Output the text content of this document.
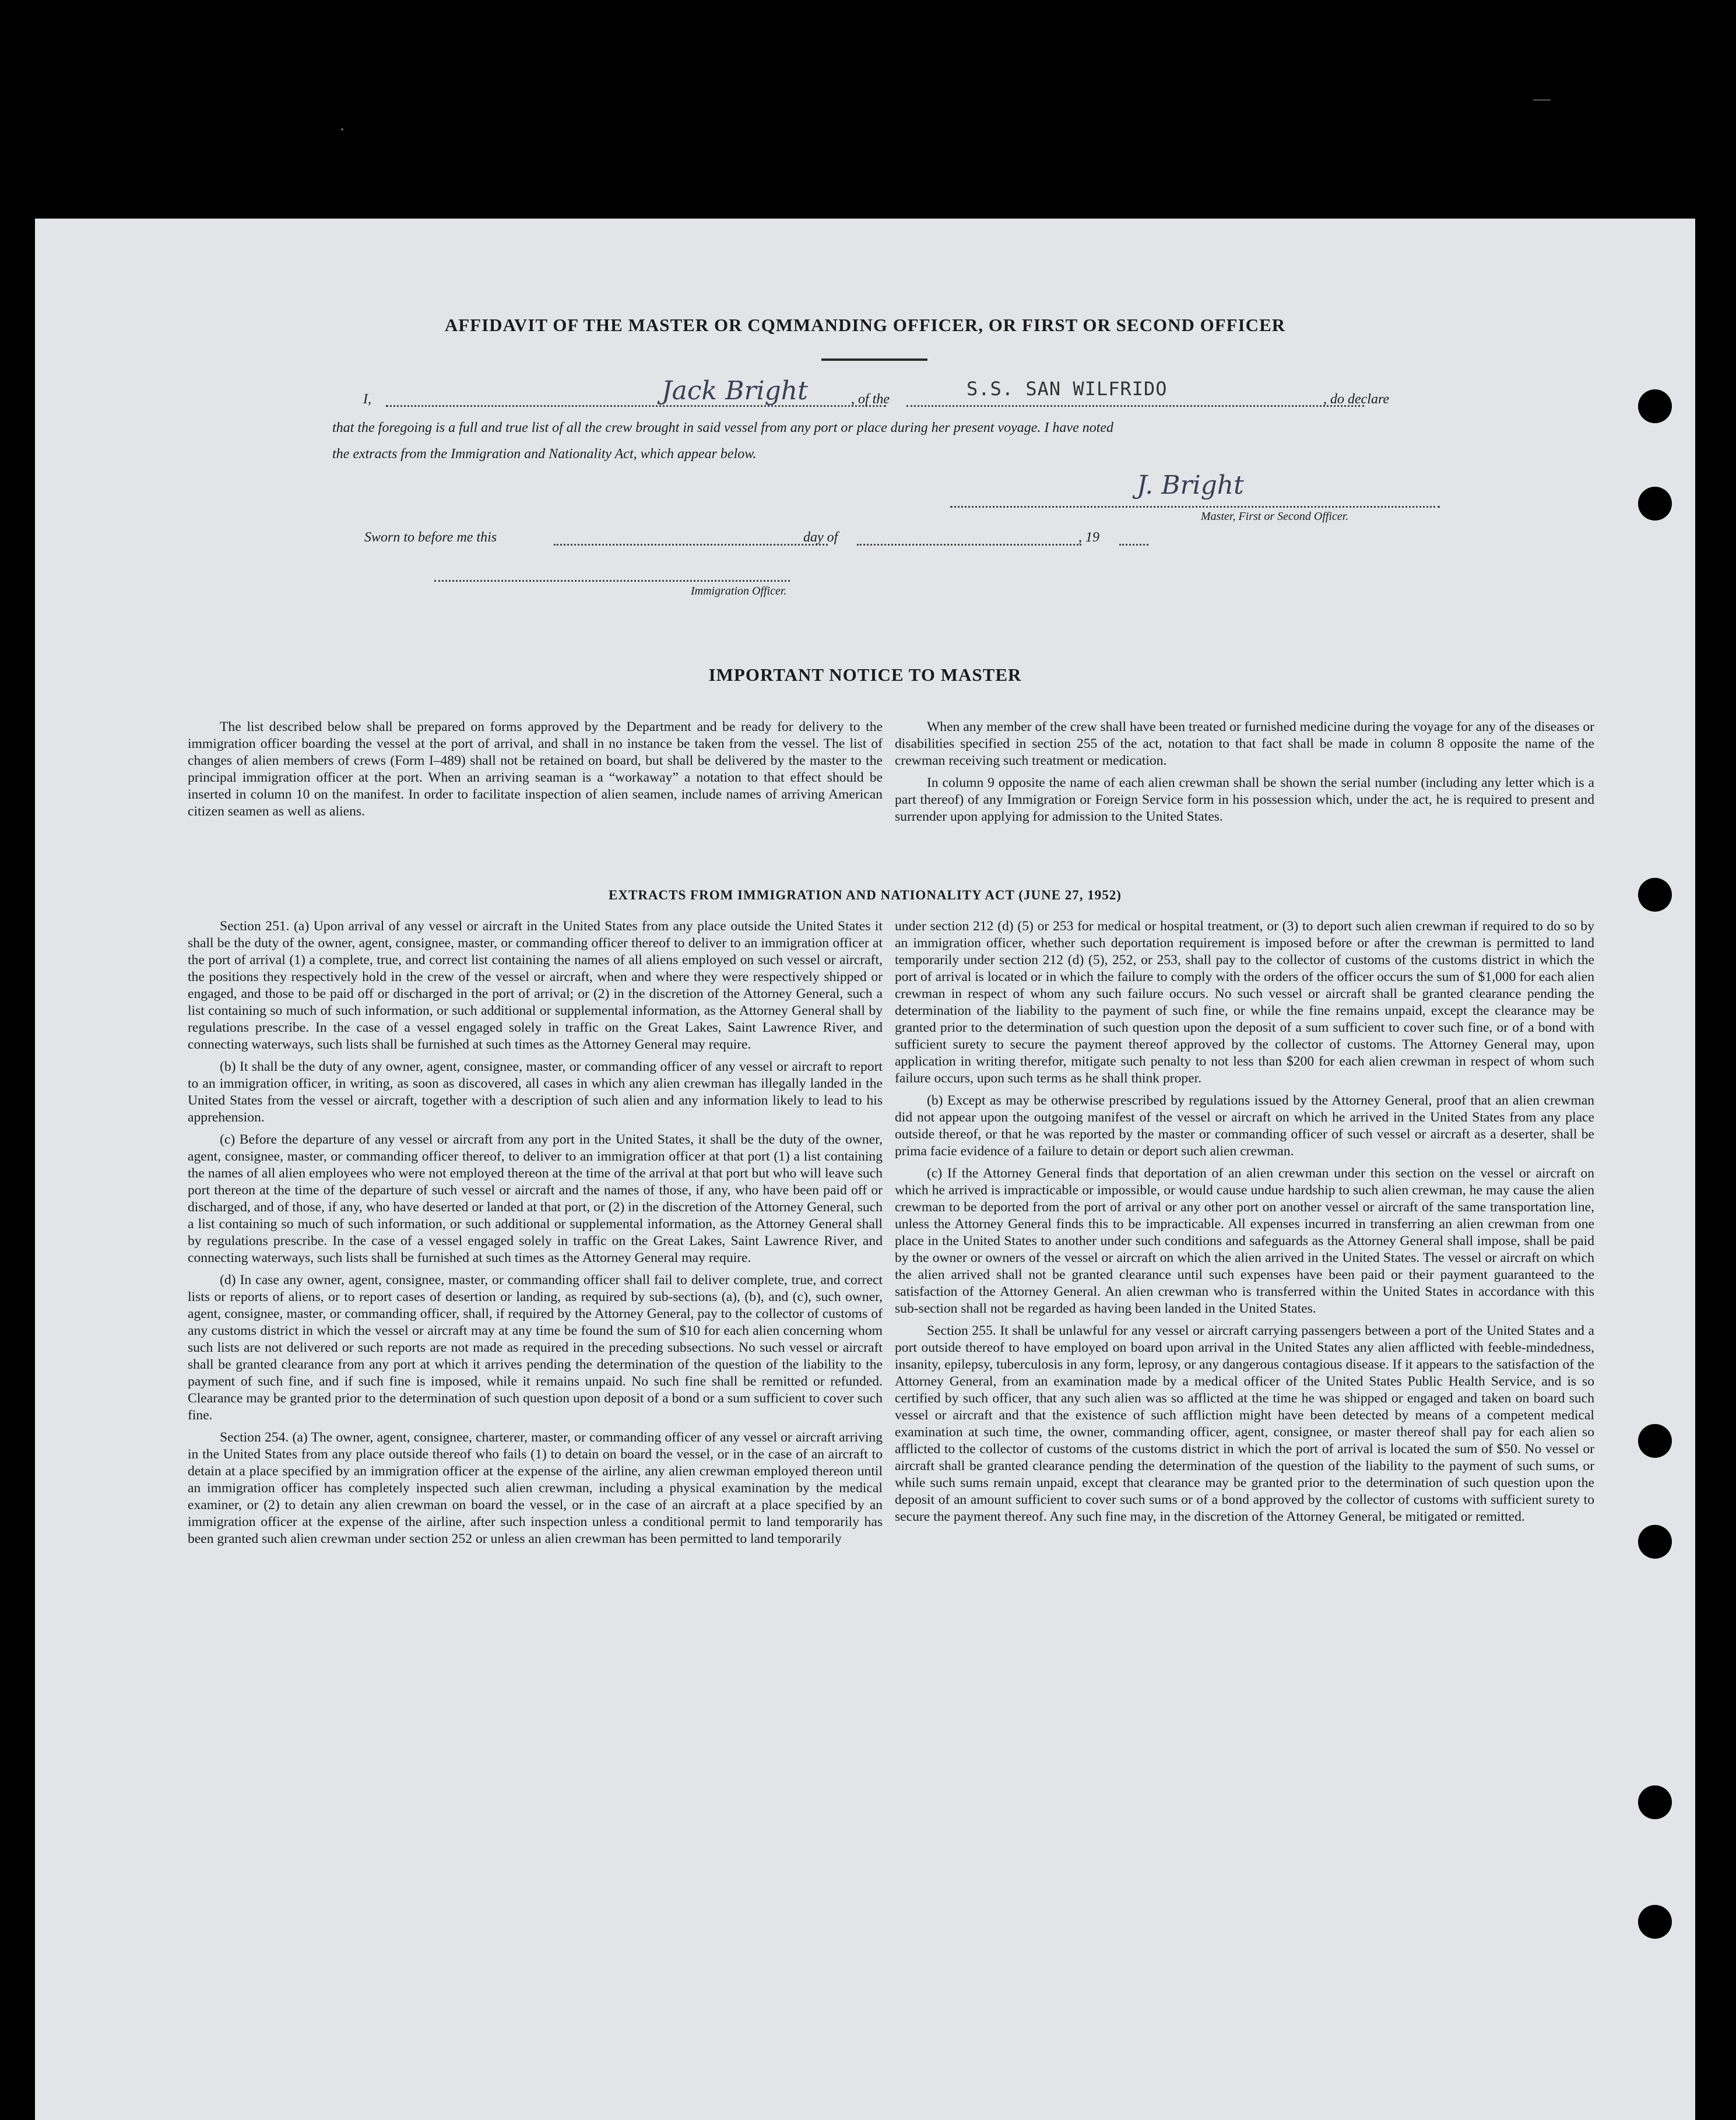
AFFIDAVIT OF THE MASTER OR CQMMANDING OFFICER, OR FIRST OR SECOND OFFICER
I,	Jack Bright	, of the	S.S. SAN WILFRIDO	, do declare
that the foregoing is a full and true list of all the crew brought in said vessel from any port or place during her present voyage. I have noted
the extracts from the Immigration and Nationality Act, which appear below.
J. Bright
Master, First or Second Officer.
Sworn to before me this	day of	, 19
Immigration Officer.
IMPORTANT NOTICE TO MASTER

The list described below shall be prepared on forms approved by the Department and be ready for delivery to the immigration officer boarding the vessel at the port of arrival, and shall in no instance be taken from the vessel. The list of changes of alien members of crews (Form I–489) shall not be retained on board, but shall be delivered by the master to the principal immigration officer at the port. When an arriving seaman is a “workaway” a notation to that effect should be inserted in column 10 on the manifest. In order to facilitate inspection of alien seamen, include names of arriving American citizen seamen as well as aliens.

When any member of the crew shall have been treated or furnished medicine during the voyage for any of the diseases or disabilities specified in section 255 of the act, notation to that fact shall be made in column 8 opposite the name of the crewman receiving such treatment or medication.

In column 9 opposite the name of each alien crewman shall be shown the serial number (including any letter which is a part thereof) of any Immigration or Foreign Service form in his possession which, under the act, he is required to present and surrender upon applying for admission to the United States.

EXTRACTS FROM IMMIGRATION AND NATIONALITY ACT (JUNE 27, 1952)

Section 251. (a) Upon arrival of any vessel or aircraft in the United States from any place outside the United States it shall be the duty of the owner, agent, consignee, master, or commanding officer thereof to deliver to an immigration officer at the port of arrival (1) a complete, true, and correct list containing the names of all aliens employed on such vessel or aircraft, the positions they respectively hold in the crew of the vessel or aircraft, when and where they were respectively shipped or engaged, and those to be paid off or discharged in the port of arrival; or (2) in the discretion of the Attorney General, such a list containing so much of such information, or such additional or supplemental information, as the Attorney General shall by regulations prescribe. In the case of a vessel engaged solely in traffic on the Great Lakes, Saint Lawrence River, and connecting waterways, such lists shall be furnished at such times as the Attorney General may require.

(b) It shall be the duty of any owner, agent, consignee, master, or commanding officer of any vessel or aircraft to report to an immigration officer, in writing, as soon as discovered, all cases in which any alien crewman has illegally landed in the United States from the vessel or aircraft, together with a description of such alien and any information likely to lead to his apprehension.

(c) Before the departure of any vessel or aircraft from any port in the United States, it shall be the duty of the owner, agent, consignee, master, or commanding officer thereof, to deliver to an immigration officer at that port (1) a list containing the names of all alien employees who were not employed thereon at the time of the arrival at that port but who will leave such port thereon at the time of the departure of such vessel or aircraft and the names of those, if any, who have been paid off or discharged, and of those, if any, who have deserted or landed at that port, or (2) in the discretion of the Attorney General, such a list containing so much of such information, or such additional or supplemental information, as the Attorney General shall by regulations prescribe. In the case of a vessel engaged solely in traffic on the Great Lakes, Saint Lawrence River, and connecting waterways, such lists shall be furnished at such times as the Attorney General may require.

(d) In case any owner, agent, consignee, master, or commanding officer shall fail to deliver complete, true, and correct lists or reports of aliens, or to report cases of desertion or landing, as required by sub-sections (a), (b), and (c), such owner, agent, consignee, master, or commanding officer, shall, if required by the Attorney General, pay to the collector of customs of any customs district in which the vessel or aircraft may at any time be found the sum of $10 for each alien concerning whom such lists are not delivered or such reports are not made as required in the preceding subsections. No such vessel or aircraft shall be granted clearance from any port at which it arrives pending the determination of the question of the liability to the payment of such fine, and if such fine is imposed, while it remains unpaid. No such fine shall be remitted or refunded. Clearance may be granted prior to the determination of such question upon deposit of a bond or a sum sufficient to cover such fine.

Section 254. (a) The owner, agent, consignee, charterer, master, or commanding officer of any vessel or aircraft arriving in the United States from any place outside thereof who fails (1) to detain on board the vessel, or in the case of an aircraft to detain at a place specified by an immigration officer at the expense of the airline, any alien crewman employed thereon until an immigration officer has completely inspected such alien crewman, including a physical examination by the medical examiner, or (2) to detain any alien crewman on board the vessel, or in the case of an aircraft at a place specified by an immigration officer at the expense of the airline, after such inspection unless a conditional permit to land temporarily has been granted such alien crewman under section 252 or unless an alien crewman has been permitted to land temporarily

under section 212 (d) (5) or 253 for medical or hospital treatment, or (3) to deport such alien crewman if required to do so by an immigration officer, whether such deportation requirement is imposed before or after the crewman is permitted to land temporarily under section 212 (d) (5), 252, or 253, shall pay to the collector of customs of the customs district in which the port of arrival is located or in which the failure to comply with the orders of the officer occurs the sum of $1,000 for each alien crewman in respect of whom any such failure occurs. No such vessel or aircraft shall be granted clearance pending the determination of the liability to the payment of such fine, or while the fine remains unpaid, except the clearance may be granted prior to the determination of such question upon the deposit of a sum sufficient to cover such fine, or of a bond with sufficient surety to secure the payment thereof approved by the collector of customs. The Attorney General may, upon application in writing therefor, mitigate such penalty to not less than $200 for each alien crewman in respect of whom such failure occurs, upon such terms as he shall think proper.

(b) Except as may be otherwise prescribed by regulations issued by the Attorney General, proof that an alien crewman did not appear upon the outgoing manifest of the vessel or aircraft on which he arrived in the United States from any place outside thereof, or that he was reported by the master or commanding officer of such vessel or aircraft as a deserter, shall be prima facie evidence of a failure to detain or deport such alien crewman.

(c) If the Attorney General finds that deportation of an alien crewman under this section on the vessel or aircraft on which he arrived is impracticable or impossible, or would cause undue hardship to such alien crewman, he may cause the alien crewman to be deported from the port of arrival or any other port on another vessel or aircraft of the same transportation line, unless the Attorney General finds this to be impracticable. All expenses incurred in transferring an alien crewman from one place in the United States to another under such conditions and safeguards as the Attorney General shall impose, shall be paid by the owner or owners of the vessel or aircraft on which the alien arrived in the United States. The vessel or aircraft on which the alien arrived shall not be granted clearance until such expenses have been paid or their payment guaranteed to the satisfaction of the Attorney General. An alien crewman who is transferred within the United States in accordance with this sub-section shall not be regarded as having been landed in the United States.

Section 255. It shall be unlawful for any vessel or aircraft carrying passengers between a port of the United States and a port outside thereof to have employed on board upon arrival in the United States any alien afflicted with feeble-mindedness, insanity, epilepsy, tuberculosis in any form, leprosy, or any dangerous contagious disease. If it appears to the satisfaction of the Attorney General, from an examination made by a medical officer of the United States Public Health Service, and is so certified by such officer, that any such alien was so afflicted at the time he was shipped or engaged and taken on board such vessel or aircraft and that the existence of such affliction might have been detected by means of a competent medical examination at such time, the owner, commanding officer, agent, consignee, or master thereof shall pay for each alien so afflicted to the collector of customs of the customs district in which the port of arrival is located the sum of $50. No vessel or aircraft shall be granted clearance pending the determination of the question of the liability to the payment of such sums, or while such sums remain unpaid, except that clearance may be granted prior to the determination of such question upon the deposit of an amount sufficient to cover such sums or of a bond approved by the collector of customs with sufficient surety to secure the payment thereof. Any such fine may, in the discretion of the Attorney General, be mitigated or remitted.
